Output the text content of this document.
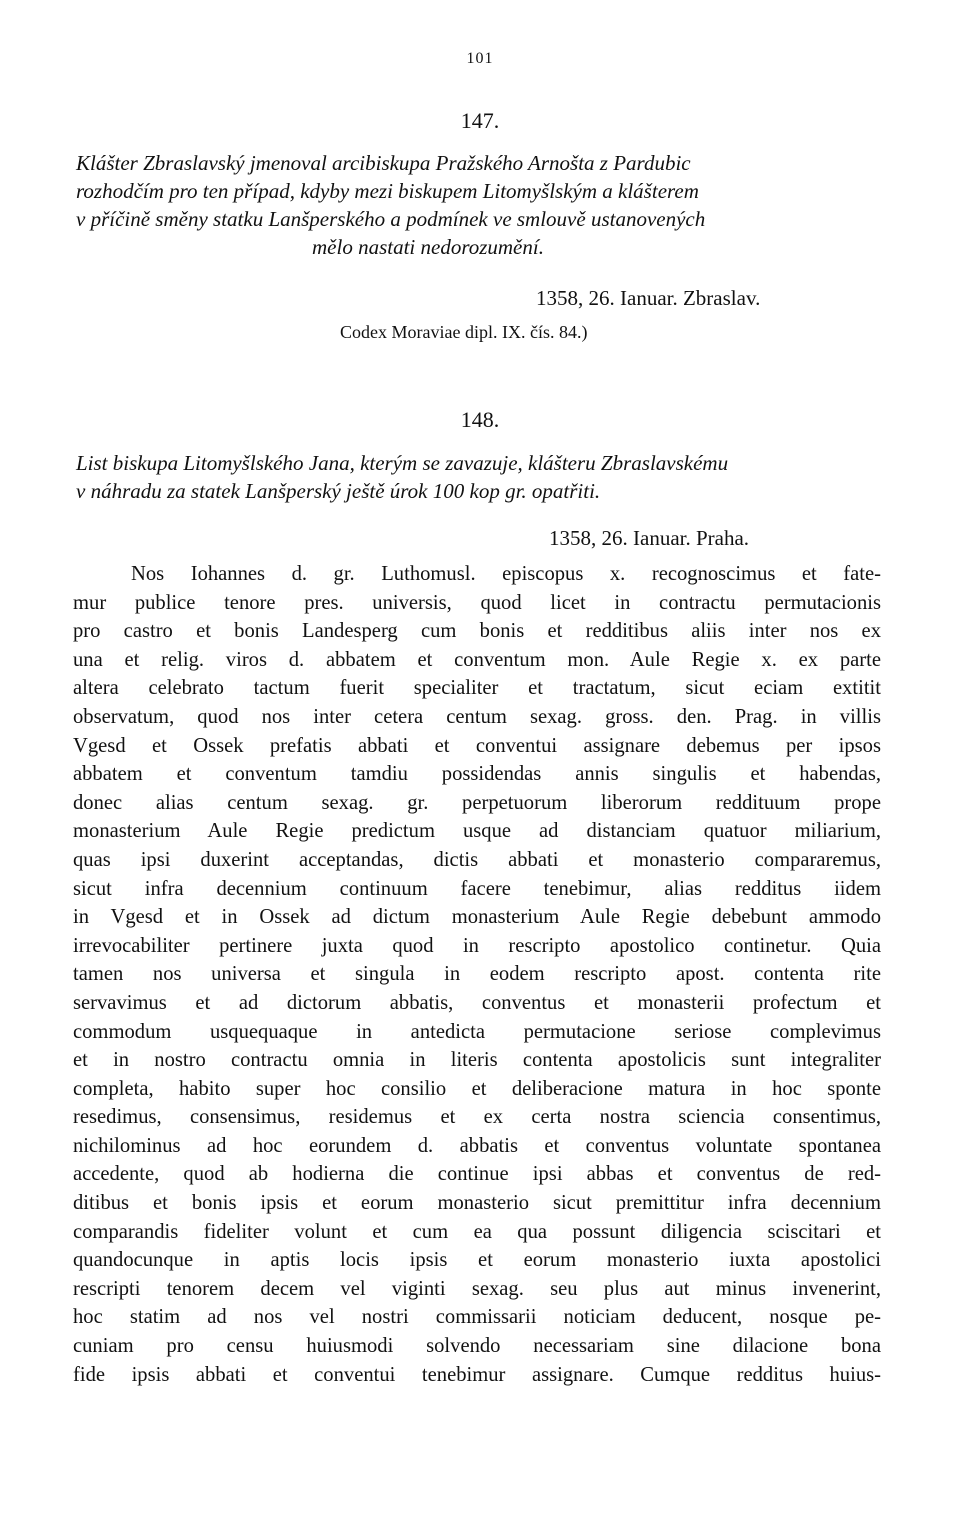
101
147.
Klášter Zbraslavský jmenoval arcibiskupa Pražského Arnošta z Pardubic
rozhodčím pro ten případ, kdyby mezi biskupem Litomyšlským a klášterem
v příčině směny statku Lanšperského a podmínek ve smlouvě ustanovených
mělo nastati nedorozumění.
1358, 26. Ianuar. Zbraslav.
Codex Moraviae dipl. IX. čís. 84.)
148.
List biskupa Litomyšlského Jana, kterým se zavazuje, klášteru Zbraslavskému
v náhradu za statek Lanšperský ještě úrok 100 kop gr. opatřiti.
1358, 26. Ianuar. Praha.
Nos Iohannes d. gr. Luthomusl. episcopus x. recognoscimus et fate-
mur publice tenore pres. universis, quod licet in contractu permutacionis
pro castro et bonis Landesperg cum bonis et redditibus aliis inter nos ex
una et relig. viros d. abbatem et conventum mon. Aule Regie x. ex parte
altera celebrato tactum fuerit specialiter et tractatum, sicut eciam extitit
observatum, quod nos inter cetera centum sexag. gross. den. Prag. in villis
Vgesd et Ossek prefatis abbati et conventui assignare debemus per ipsos
abbatem et conventum tamdiu possidendas annis singulis et habendas,
donec alias centum sexag. gr. perpetuorum liberorum reddituum prope
monasterium Aule Regie predictum usque ad distanciam quatuor miliarium,
quas ipsi duxerint acceptandas, dictis abbati et monasterio compararemus,
sicut infra decennium continuum facere tenebimur, alias redditus iidem
in Vgesd et in Ossek ad dictum monasterium Aule Regie debebunt ammodo
irrevocabiliter pertinere juxta quod in rescripto apostolico continetur. Quia
tamen nos universa et singula in eodem rescripto apost. contenta rite
servavimus et ad dictorum abbatis, conventus et monasterii profectum et
commodum usquequaque in antedicta permutacione seriose complevimus
et in nostro contractu omnia in literis contenta apostolicis sunt integraliter
completa, habito super hoc consilio et deliberacione matura in hoc sponte
resedimus, consensimus, residemus et ex certa nostra sciencia consentimus,
nichilominus ad hoc eorundem d. abbatis et conventus voluntate spontanea
accedente, quod ab hodierna die continue ipsi abbas et conventus de red-
ditibus et bonis ipsis et eorum monasterio sicut premittitur infra decennium
comparandis fideliter volunt et cum ea qua possunt diligencia sciscitari et
quandocunque in aptis locis ipsis et eorum monasterio iuxta apostolici
rescripti tenorem decem vel viginti sexag. seu plus aut minus invenerint,
hoc statim ad nos vel nostri commissarii noticiam deducent, nosque pe-
cuniam pro censu huiusmodi solvendo necessariam sine dilacione bona
fide ipsis abbati et conventui tenebimur assignare. Cumque redditus huius-
